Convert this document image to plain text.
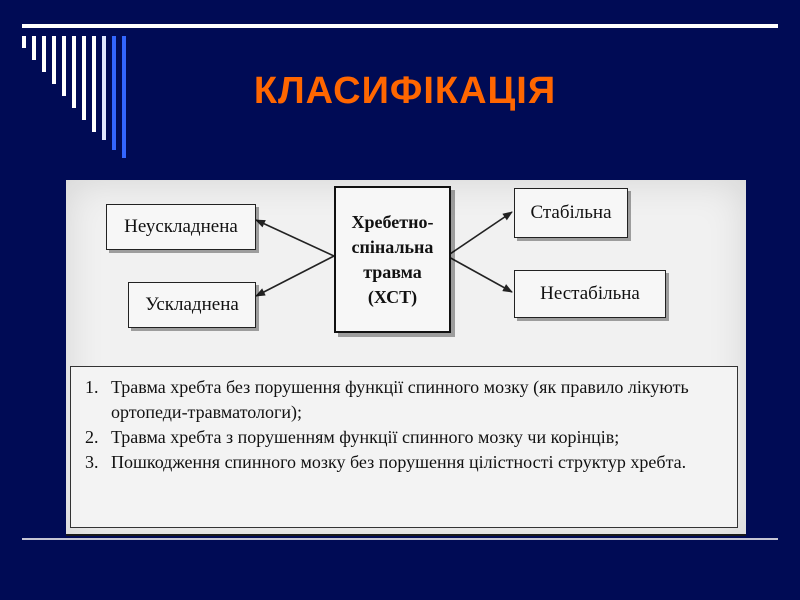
КЛАСИФІКАЦІЯ
Хребетно-
спінальна
травма
(ХСТ)
Неускладнена
Ускладнена
Стабільна
Нестабільна
1. Травма хребта без порушення функції спинного мозку (як правило лікують ортопеди-травматологи);
2. Травма хребта з порушенням функції спинного мозку чи корінців;
3. Пошкодження спинного мозку без порушення цілістності структур хребта.
